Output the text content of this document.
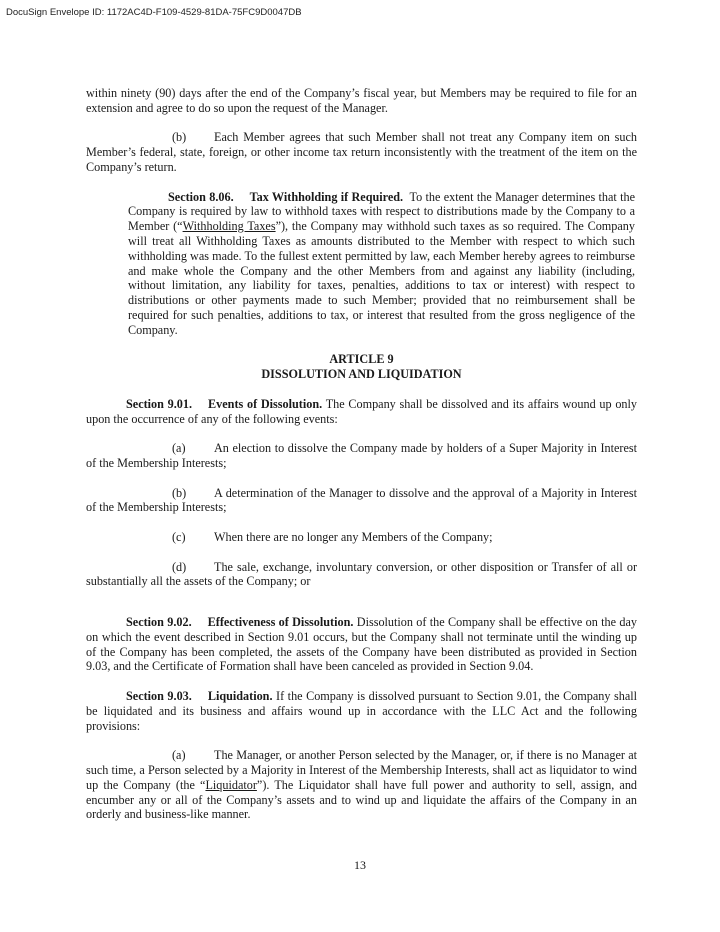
DocuSign Envelope ID: 1172AC4D-F109-4529-81DA-75FC9D0047DB

within ninety (90) days after the end of the Company’s fiscal year, but Members may be required to file for an extension and agree to do so upon the request of the Manager.

(b) Each Member agrees that such Member shall not treat any Company item on such Member’s federal, state, foreign, or other income tax return inconsistently with the treatment of the item on the Company’s return.

Section 8.06. Tax Withholding if Required. To the extent the Manager determines that the Company is required by law to withhold taxes with respect to distributions made by the Company to a Member (“Withholding Taxes”), the Company may withhold such taxes as so required. The Company will treat all Withholding Taxes as amounts distributed to the Member with respect to which such withholding was made. To the fullest extent permitted by law, each Member hereby agrees to reimburse and make whole the Company and the other Members from and against any liability (including, without limitation, any liability for taxes, penalties, additions to tax or interest) with respect to distributions or other payments made to such Member; provided that no reimbursement shall be required for such penalties, additions to tax, or interest that resulted from the gross negligence of the Company.

ARTICLE 9

DISSOLUTION AND LIQUIDATION

Section 9.01. Events of Dissolution. The Company shall be dissolved and its affairs wound up only upon the occurrence of any of the following events:

(a) An election to dissolve the Company made by holders of a Super Majority in Interest of the Membership Interests;

(b) A determination of the Manager to dissolve and the approval of a Majority in Interest of the Membership Interests;

(c) When there are no longer any Members of the Company;

(d) The sale, exchange, involuntary conversion, or other disposition or Transfer of all or substantially all the assets of the Company; or

Section 9.02. Effectiveness of Dissolution. Dissolution of the Company shall be effective on the day on which the event described in Section 9.01 occurs, but the Company shall not terminate until the winding up of the Company has been completed, the assets of the Company have been distributed as provided in Section 9.03, and the Certificate of Formation shall have been canceled as provided in Section 9.04.

Section 9.03. Liquidation. If the Company is dissolved pursuant to Section 9.01, the Company shall be liquidated and its business and affairs wound up in accordance with the LLC Act and the following provisions:

(a) The Manager, or another Person selected by the Manager, or, if there is no Manager at such time, a Person selected by a Majority in Interest of the Membership Interests, shall act as liquidator to wind up the Company (the “Liquidator”). The Liquidator shall have full power and authority to sell, assign, and encumber any or all of the Company’s assets and to wind up and liquidate the affairs of the Company in an orderly and business-like manner.

13
